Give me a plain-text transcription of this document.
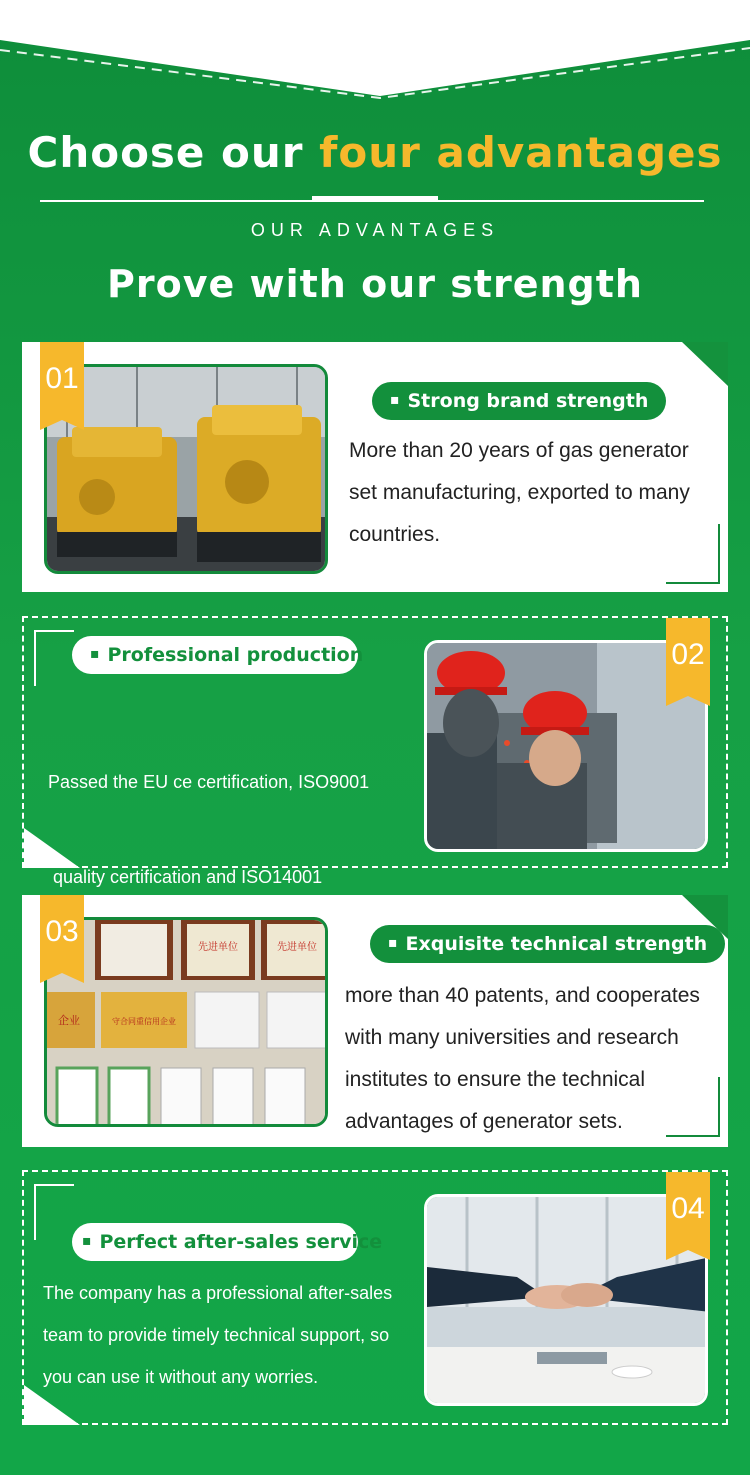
Choose our four advantages
OUR ADVANTAGES
Prove with our strength
01
▪ Strong brand strength
More than 20 years of gas generator
set manufacturing, exported to many
countries.
▪ Professional production

Passed the EU ce certification, ISO9001

quality certification and ISO14001

02
先进单位	先进单位
企业	守合同重信用企业
03	▪ Exquisite technical strength
more than 40 patents, and cooperates
with many universities and research
institutes to ensure the technical
advantages of generator sets.
▪ Perfect after-sales service
The company has a professional after-sales
team to provide timely technical support, so
you can use it without any worries.
04
